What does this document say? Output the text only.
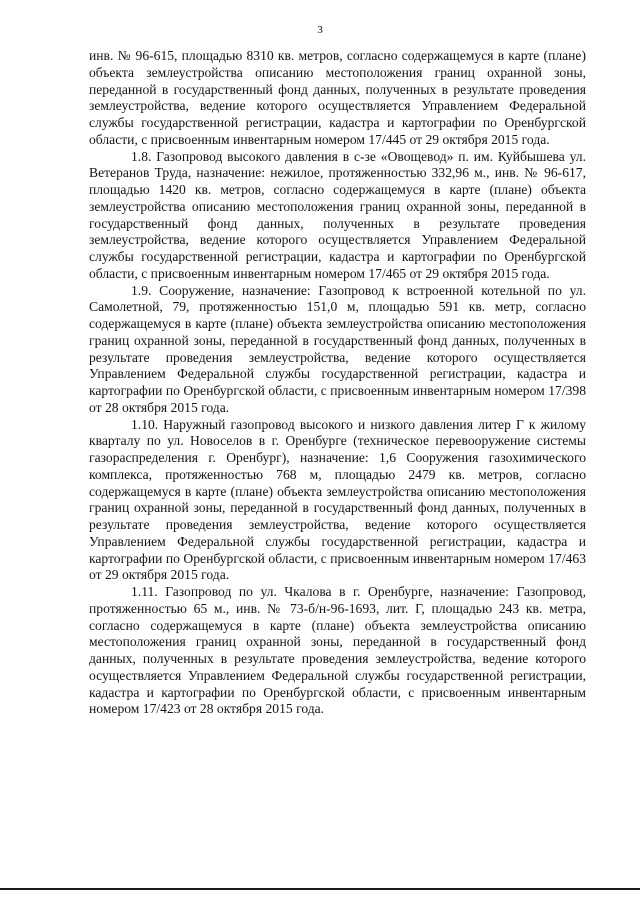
3

инв. № 96-615, площадью 8310 кв. метров, согласно содержащемуся в карте (плане) объекта землеустройства описанию местоположения границ охранной зоны, переданной в государственный фонд данных, полученных в результате проведения землеустройства, ведение которого осуществляется Управлением Федеральной службы государственной регистрации, кадастра и картографии по Оренбургской области, с присвоенным инвентарным номером 17/445 от 29 октября 2015 года.

1.8. Газопровод высокого давления в с-зе «Овощевод» п. им. Куйбышева ул. Ветеранов Труда, назначение: нежилое, протяженностью 332,96 м., инв. № 96-617, площадью 1420 кв. метров, согласно содержащемуся в карте (плане) объекта землеустройства описанию местоположения границ охранной зоны, переданной в государственный фонд данных, полученных в результате проведения землеустройства, ведение которого осуществляется Управлением Федеральной службы государственной регистрации, кадастра и картографии по Оренбургской области, с присвоенным инвентарным номером 17/465 от 29 октября 2015 года.

1.9. Сооружение, назначение: Газопровод к встроенной котельной по ул. Самолетной, 79, протяженностью 151,0 м, площадью 591 кв. метр, согласно содержащемуся в карте (плане) объекта землеустройства описанию местоположения границ охранной зоны, переданной в государственный фонд данных, полученных в результате проведения землеустройства, ведение которого осуществляется Управлением Федеральной службы государственной регистрации, кадастра и картографии по Оренбургской области, с присвоенным инвентарным номером 17/398 от 28 октября 2015 года.

1.10. Наружный газопровод высокого и низкого давления литер Г к жилому кварталу по ул. Новоселов в г. Оренбурге (техническое перевооружение системы газораспределения г. Оренбург), назначение: 1,6 Сооружения газохимического комплекса, протяженностью 768 м, площадью 2479 кв. метров, согласно содержащемуся в карте (плане) объекта землеустройства описанию местоположения границ охранной зоны, переданной в государственный фонд данных, полученных в результате проведения землеустройства, ведение которого осуществляется Управлением Федеральной службы государственной регистрации, кадастра и картографии по Оренбургской области, с присвоенным инвентарным номером 17/463 от 29 октября 2015 года.

1.11. Газопровод по ул. Чкалова в г. Оренбурге, назначение: Газопровод, протяженностью 65 м., инв. № 73-б/н-96-1693, лит. Г, площадью 243 кв. метра, согласно содержащемуся в карте (плане) объекта землеустройства описанию местоположения границ охранной зоны, переданной в государственный фонд данных, полученных в результате проведения землеустройства, ведение которого осуществляется Управлением Федеральной службы государственной регистрации, кадастра и картографии по Оренбургской области, с присвоенным инвентарным номером 17/423 от 28 октября 2015 года.
